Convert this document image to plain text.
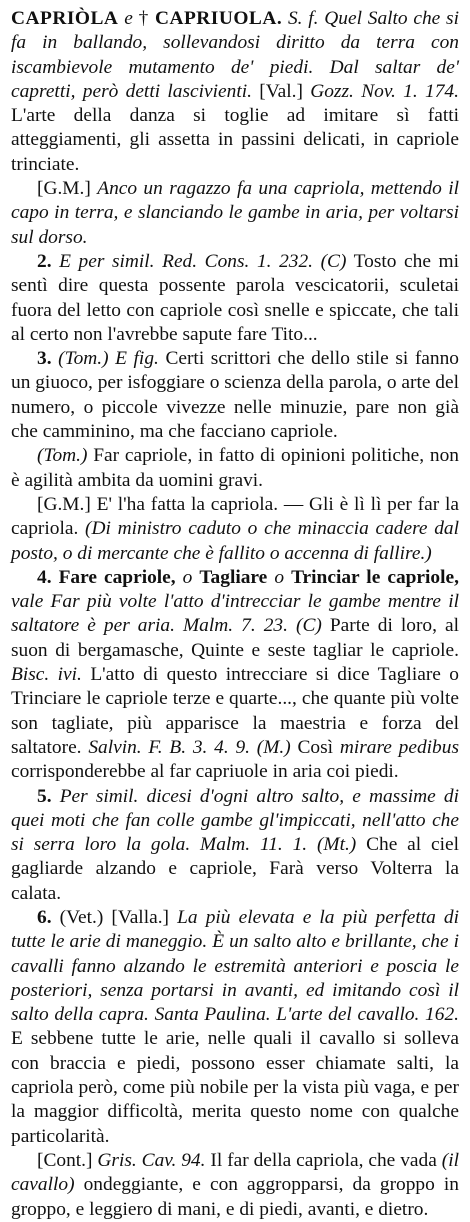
CAPRIÒLA e † CAPRIUOLA. S. f. Quel Salto che si fa in ballando, sollevandosi diritto da terra con iscambievole mutamento de' piedi. Dal saltar de' capretti, però detti lascivienti. [Val.] Gozz. Nov. 1. 174. L'arte della danza si toglie ad imitare sì fatti atteggiamenti, gli assetta in passini delicati, in capriole trinciate.

[G.M.] Anco un ragazzo fa una capriola, mettendo il capo in terra, e slanciando le gambe in aria, per voltarsi sul dorso.

2. E per simil. Red. Cons. 1. 232. (C) Tosto che mi sentì dire questa possente parola vescicatorii, sculetai fuora del letto con capriole così snelle e spiccate, che tali al certo non l'avrebbe sapute fare Tito...

3. (Tom.) E fig. Certi scrittori che dello stile si fanno un giuoco, per isfoggiare o scienza della parola, o arte del numero, o piccole vivezze nelle minuzie, pare non già che camminino, ma che facciano capriole.

(Tom.) Far capriole, in fatto di opinioni politiche, non è agilità ambita da uomini gravi.

[G.M.] E' l'ha fatta la capriola. — Gli è lì lì per far la capriola. (Di ministro caduto o che minaccia cadere dal posto, o di mercante che è fallito o accenna di fallire.)

4. Fare capriole, o Tagliare o Trinciar le capriole, vale Far più volte l'atto d'intrecciar le gambe mentre il saltatore è per aria. Malm. 7. 23. (C) Parte di loro, al suon di bergamasche, Quinte e seste tagliar le capriole. Bisc. ivi. L'atto di questo intrecciare si dice Tagliare o Trinciare le capriole terze e quarte..., che quante più volte son tagliate, più apparisce la maestria e forza del saltatore. Salvin. F. B. 3. 4. 9. (M.) Così mirare pedibus corrisponderebbe al far capriuole in aria coi piedi.

5. Per simil. dicesi d'ogni altro salto, e massime di quei moti che fan colle gambe gl'impiccati, nell'atto che si serra loro la gola. Malm. 11. 1. (Mt.) Che al ciel gagliarde alzando e capriole, Farà verso Volterra la calata.

6. (Vet.) [Valla.] La più elevata e la più perfetta di tutte le arie di maneggio. È un salto alto e brillante, che i cavalli fanno alzando le estremità anteriori e poscia le posteriori, senza portarsi in avanti, ed imitando così il salto della capra. Santa Paulina. L'arte del cavallo. 162. E sebbene tutte le arie, nelle quali il cavallo si solleva con braccia e piedi, possono esser chiamate salti, la capriola però, come più nobile per la vista più vaga, e per la maggior difficoltà, merita questo nome con qualche particolarità.

[Cont.] Gris. Cav. 94. Il far della capriola, che vada (il cavallo) ondeggiante, e con aggropparsi, da groppo in groppo, e leggiero di mani, e di piedi, avanti, e dietro.
